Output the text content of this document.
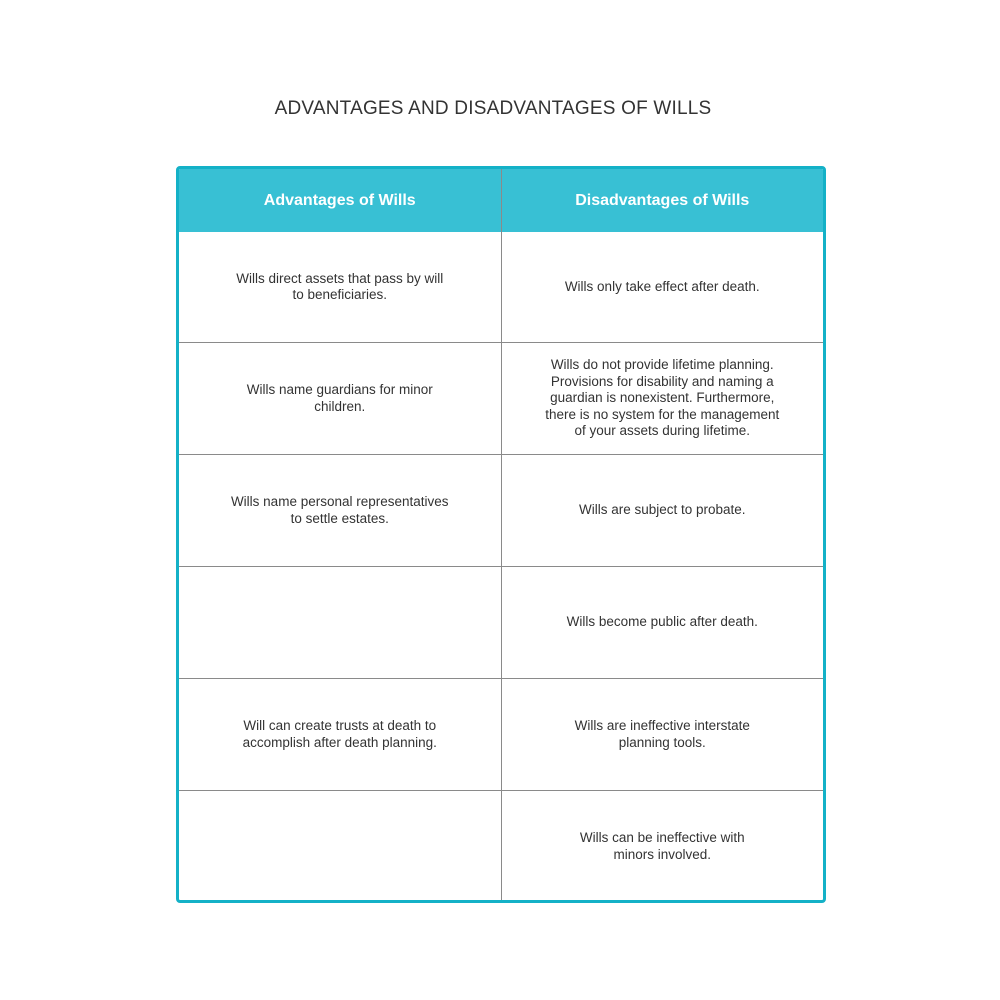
ADVANTAGES AND DISADVANTAGES OF WILLS
Advantages of Wills	Disadvantages of Wills
Wills direct assets that pass by will
to beneficiaries.
Wills only take effect after death.
Wills name guardians for minor
children.
Wills do not provide lifetime planning.
Provisions for disability and naming a
guardian is nonexistent. Furthermore,
there is no system for the management
of your assets during lifetime.
Wills name personal representatives
to settle estates.
Wills are subject to probate.
Wills become public after death.
Will can create trusts at death to
accomplish after death planning.
Wills are ineffective interstate
planning tools.
Wills can be ineffective with
minors involved.
